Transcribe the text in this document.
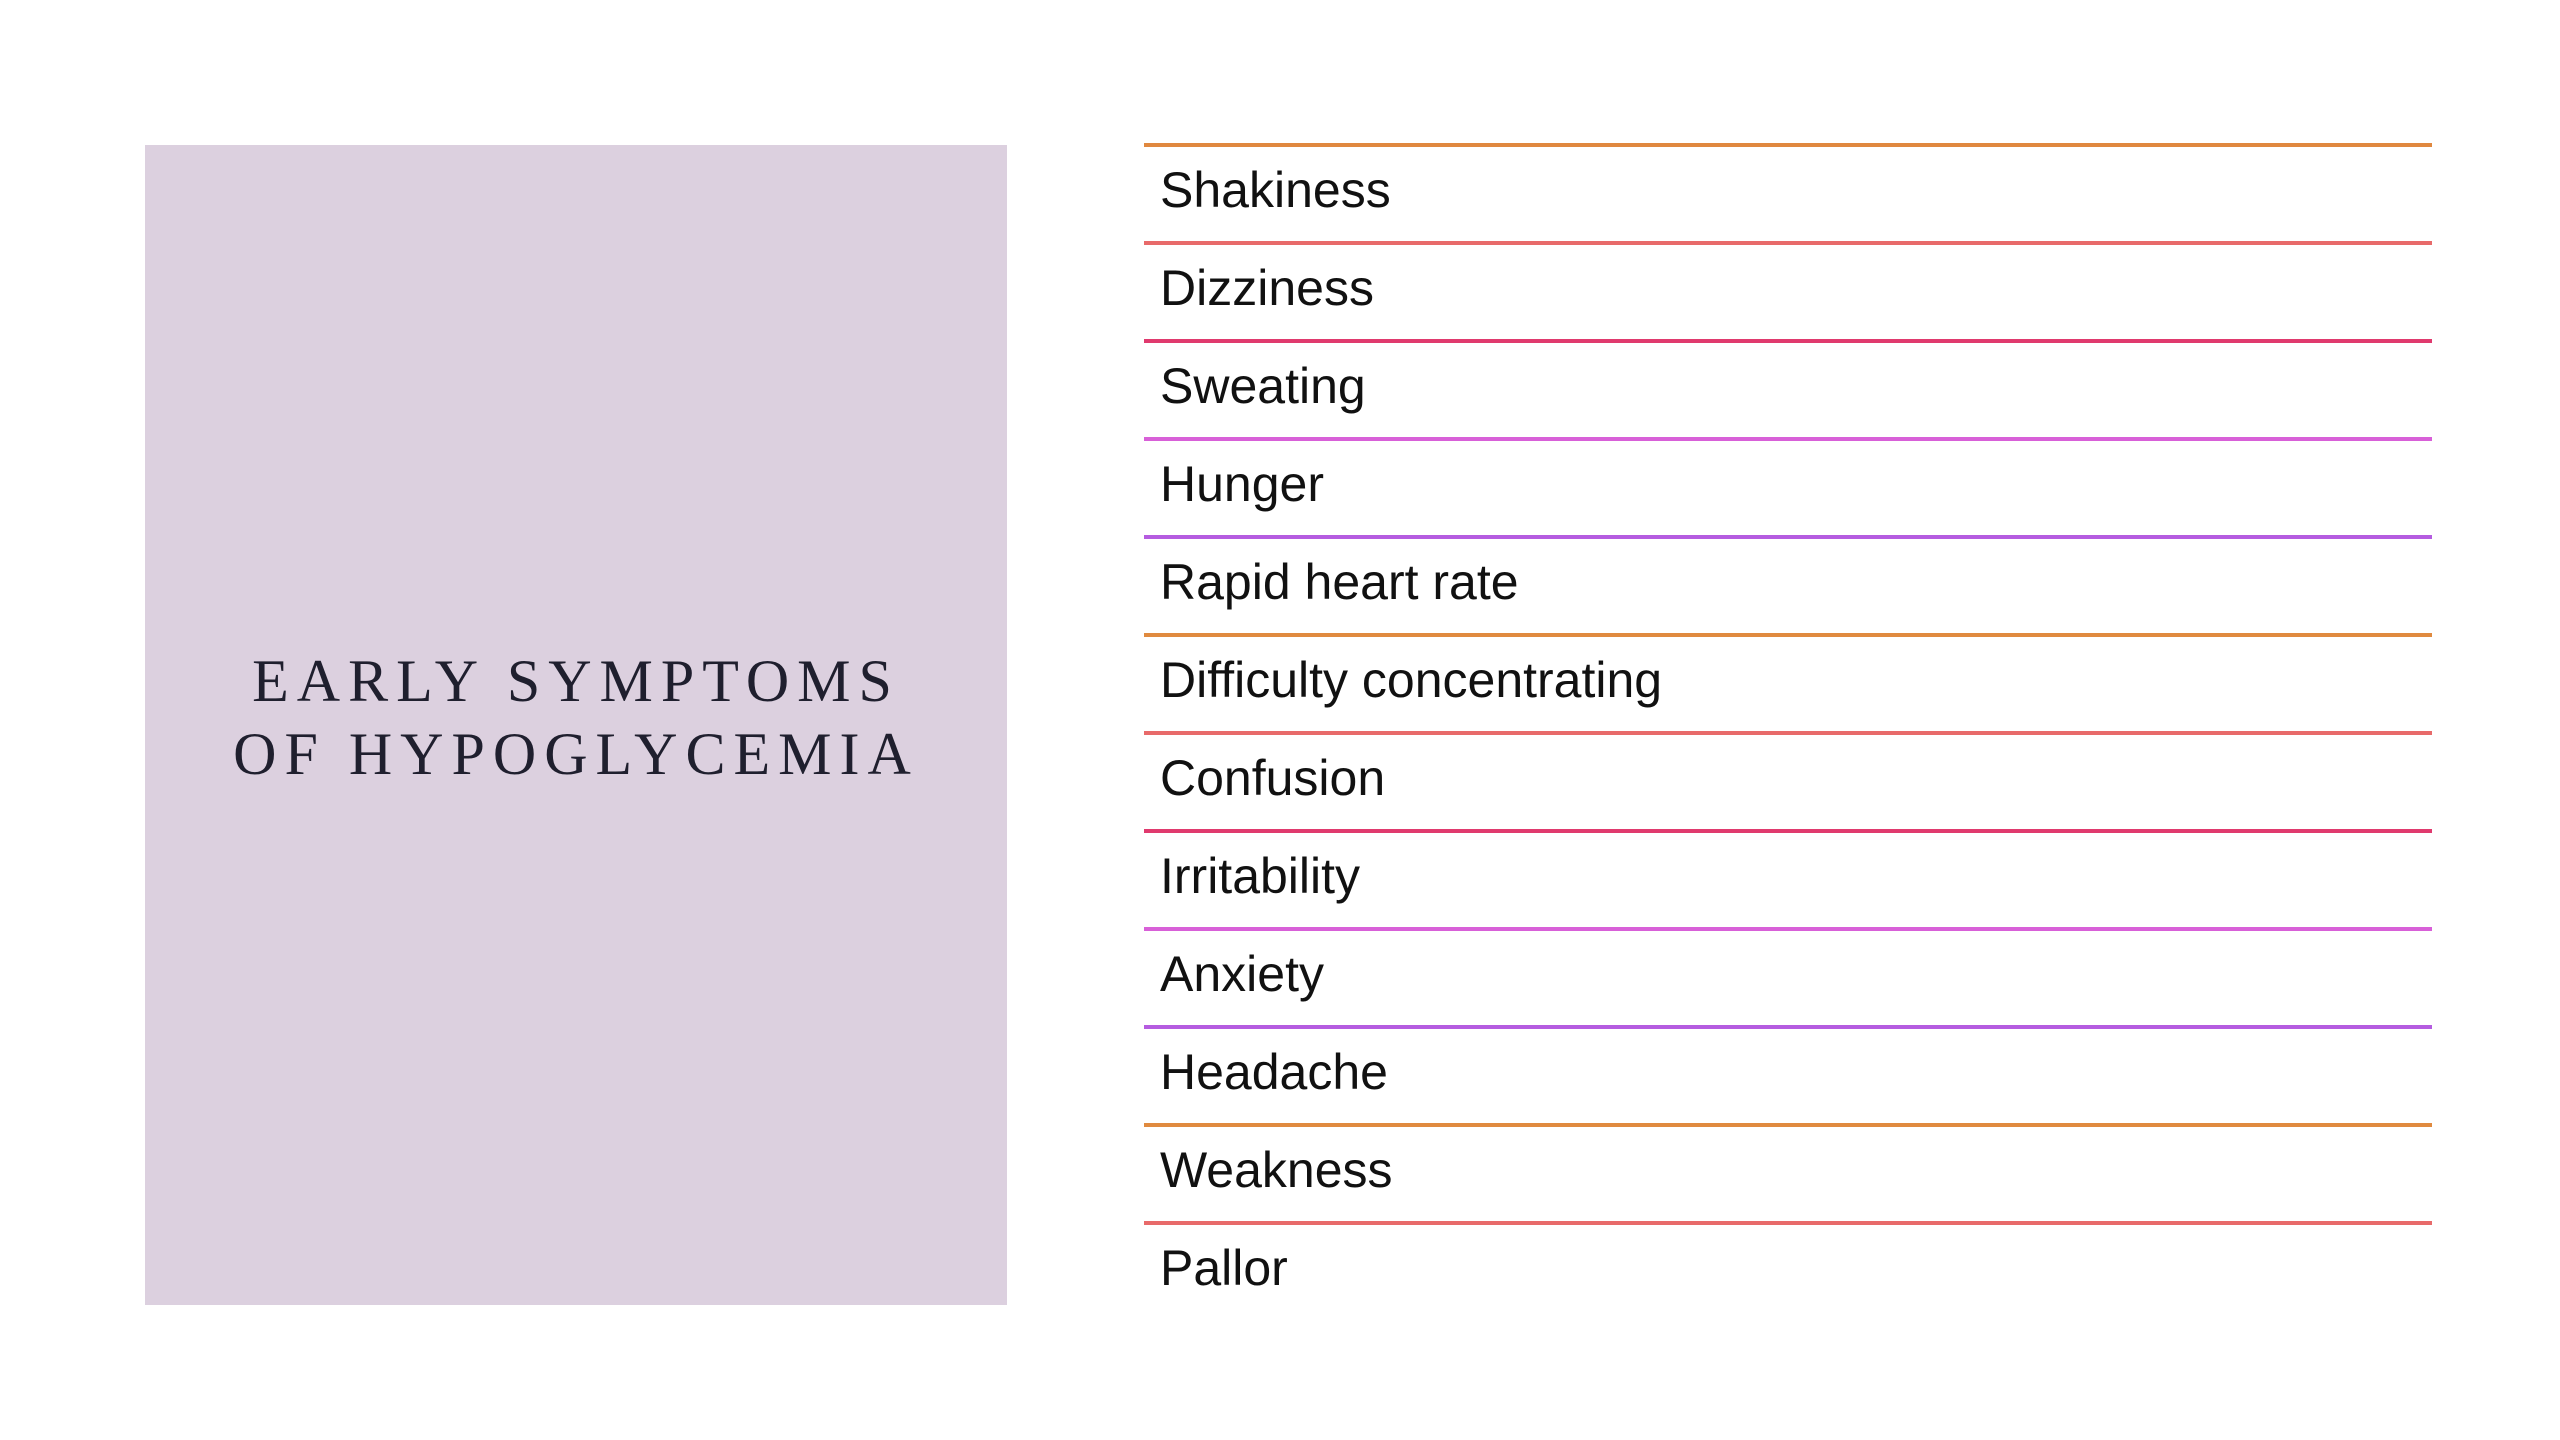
EARLY SYMPTOMS OF HYPOGLYCEMIA
Shakiness
Dizziness
Sweating
Hunger
Rapid heart rate
Difficulty concentrating
Confusion
Irritability
Anxiety
Headache
Weakness
Pallor
